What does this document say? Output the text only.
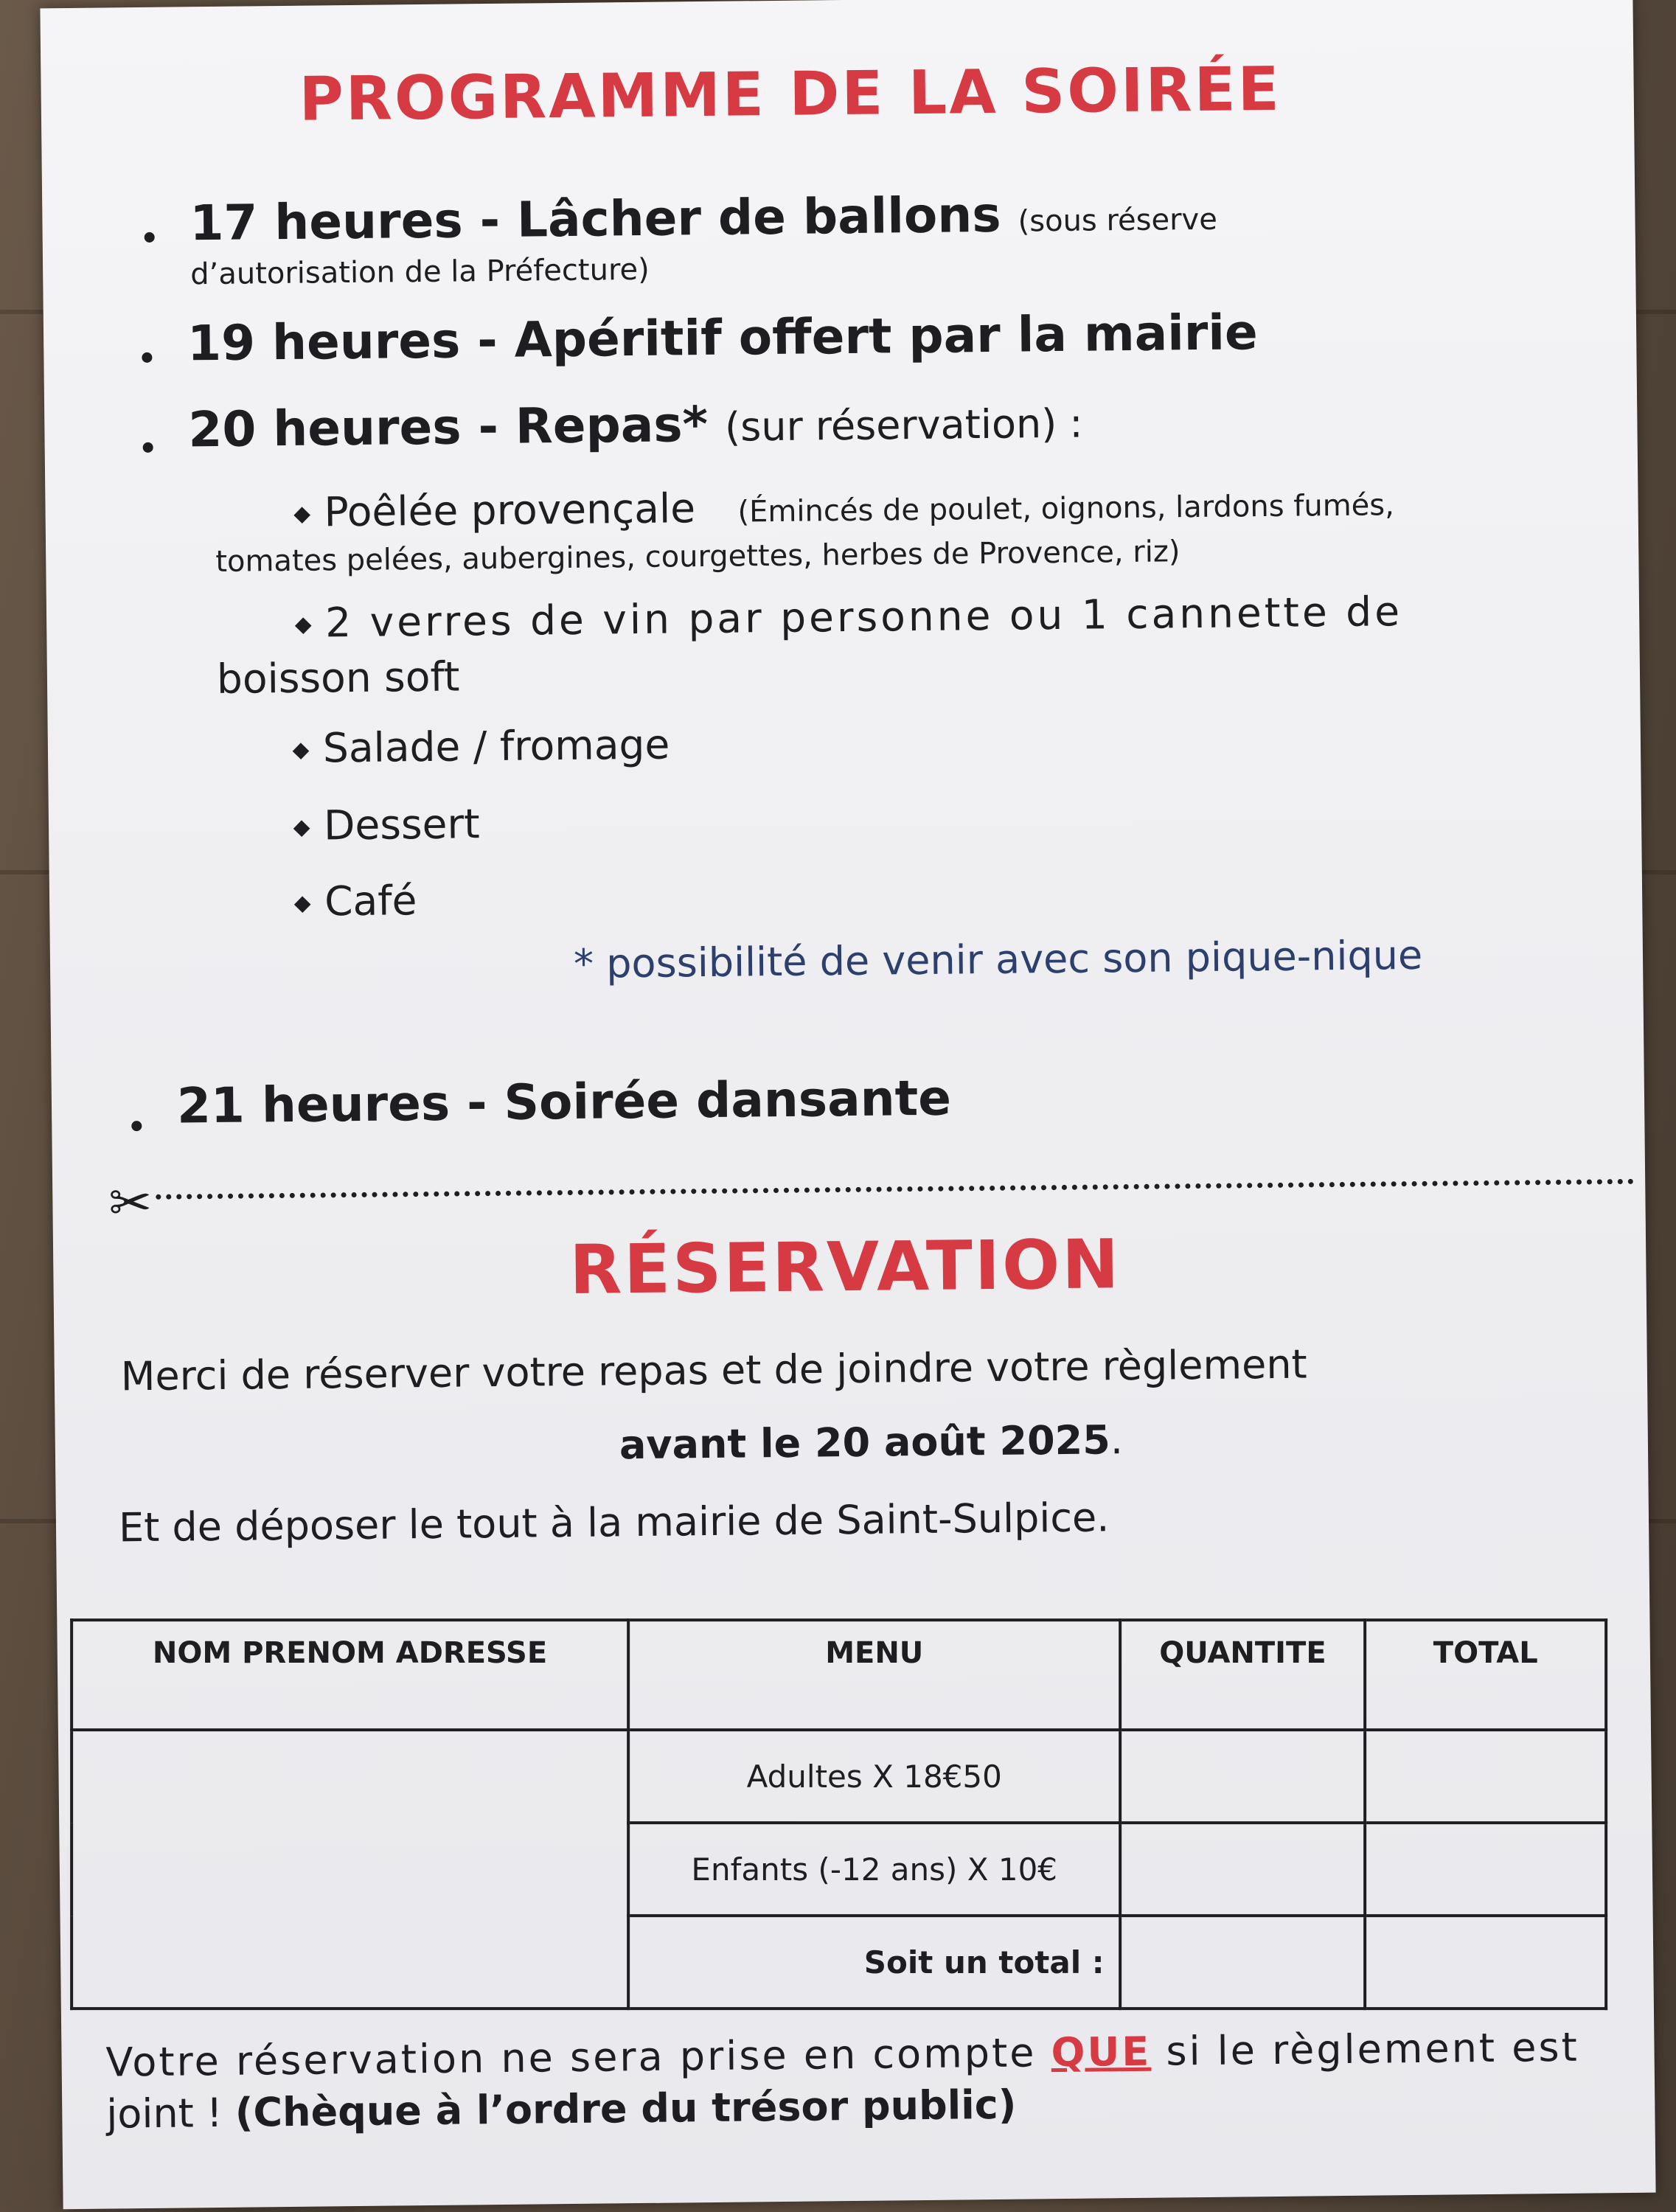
PROGRAMME DE LA SOIRÉE
17 heures - Lâcher de ballons (sous réserve
d’autorisation de la Préfecture)
19 heures - Apéritif offert par la mairie
20 heures - Repas* (sur réservation) :
Poêlée provençale (Émincés de poulet, oignons, lardons fumés,
tomates pelées, aubergines, courgettes, herbes de Provence, riz)
2 verres de vin par personne ou 1 cannette de
boisson soft
Salade / fromage
Dessert
Café
* possibilité de venir avec son pique-nique
21 heures - Soirée dansante
✂
RÉSERVATION
Merci de réserver votre repas et de joindre votre règlement
avant le 20 août 2025.
Et de déposer le tout à la mairie de Saint-Sulpice.
NOM PRENOM ADRESSE	MENU	QUANTITE	TOTAL
	Adultes X 18€50		
	Enfants (-12 ans) X 10€		
	Soit un total :		
Votre réservation ne sera prise en compte QUE si le règlement est
joint ! (Chèque à l’ordre du trésor public)
